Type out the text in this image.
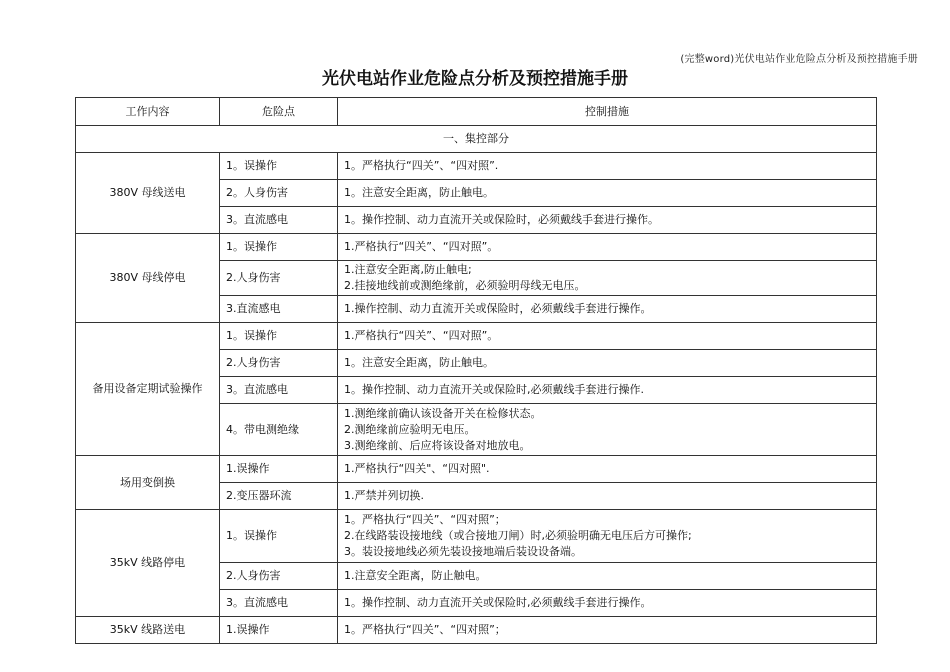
(完整word)光伏电站作业危险点分析及预控措施手册
光伏电站作业危险点分析及预控措施手册
工作内容	危险点	控制措施
一、集控部分		
380V 母线送电	1。误操作	1。严格执行“四关”、“四对照”.

	2。人身伤害	1。注意安全距离，防止触电。

	3。直流感电	1。操作控制、动力直流开关或保险时，必须戴线手套进行操作。

380V 母线停电	1。误操作	1.严格执行“四关”、“四对照”。

	2.人身伤害	1.注意安全距离,防止触电;
2.挂接地线前或测绝缘前，必须验明母线无电压。

	3.直流感电	1.操作控制、动力直流开关或保险时，必须戴线手套进行操作。

备用设备定期试验操作	1。误操作	1.严格执行“四关”、“四对照”。

	2.人身伤害	1。注意安全距离，防止触电。

	3。直流感电	1。操作控制、动力直流开关或保险时,必须戴线手套进行操作.

	4。带电测绝缘	1.测绝缘前确认该设备开关在检修状态。
2.测绝缘前应验明无电压。
3.测绝缘前、后应将该设备对地放电。

场用变倒换	1.误操作	1.严格执行“四关"、“四对照".

	2.变压器环流	1.严禁并列切换.

35kV 线路停电	1。误操作	1。严格执行“四关”、“四对照”；
2.在线路装设接地线（或合接地刀闸）时,必须验明确无电压后方可操作;
3。装设接地线必须先装设接地端后装设设备端。

	2.人身伤害	1.注意安全距离，防止触电。

	3。直流感电	1。操作控制、动力直流开关或保险时,必须戴线手套进行操作。

35kV 线路送电	1.误操作	1。严格执行“四关”、“四对照”；
